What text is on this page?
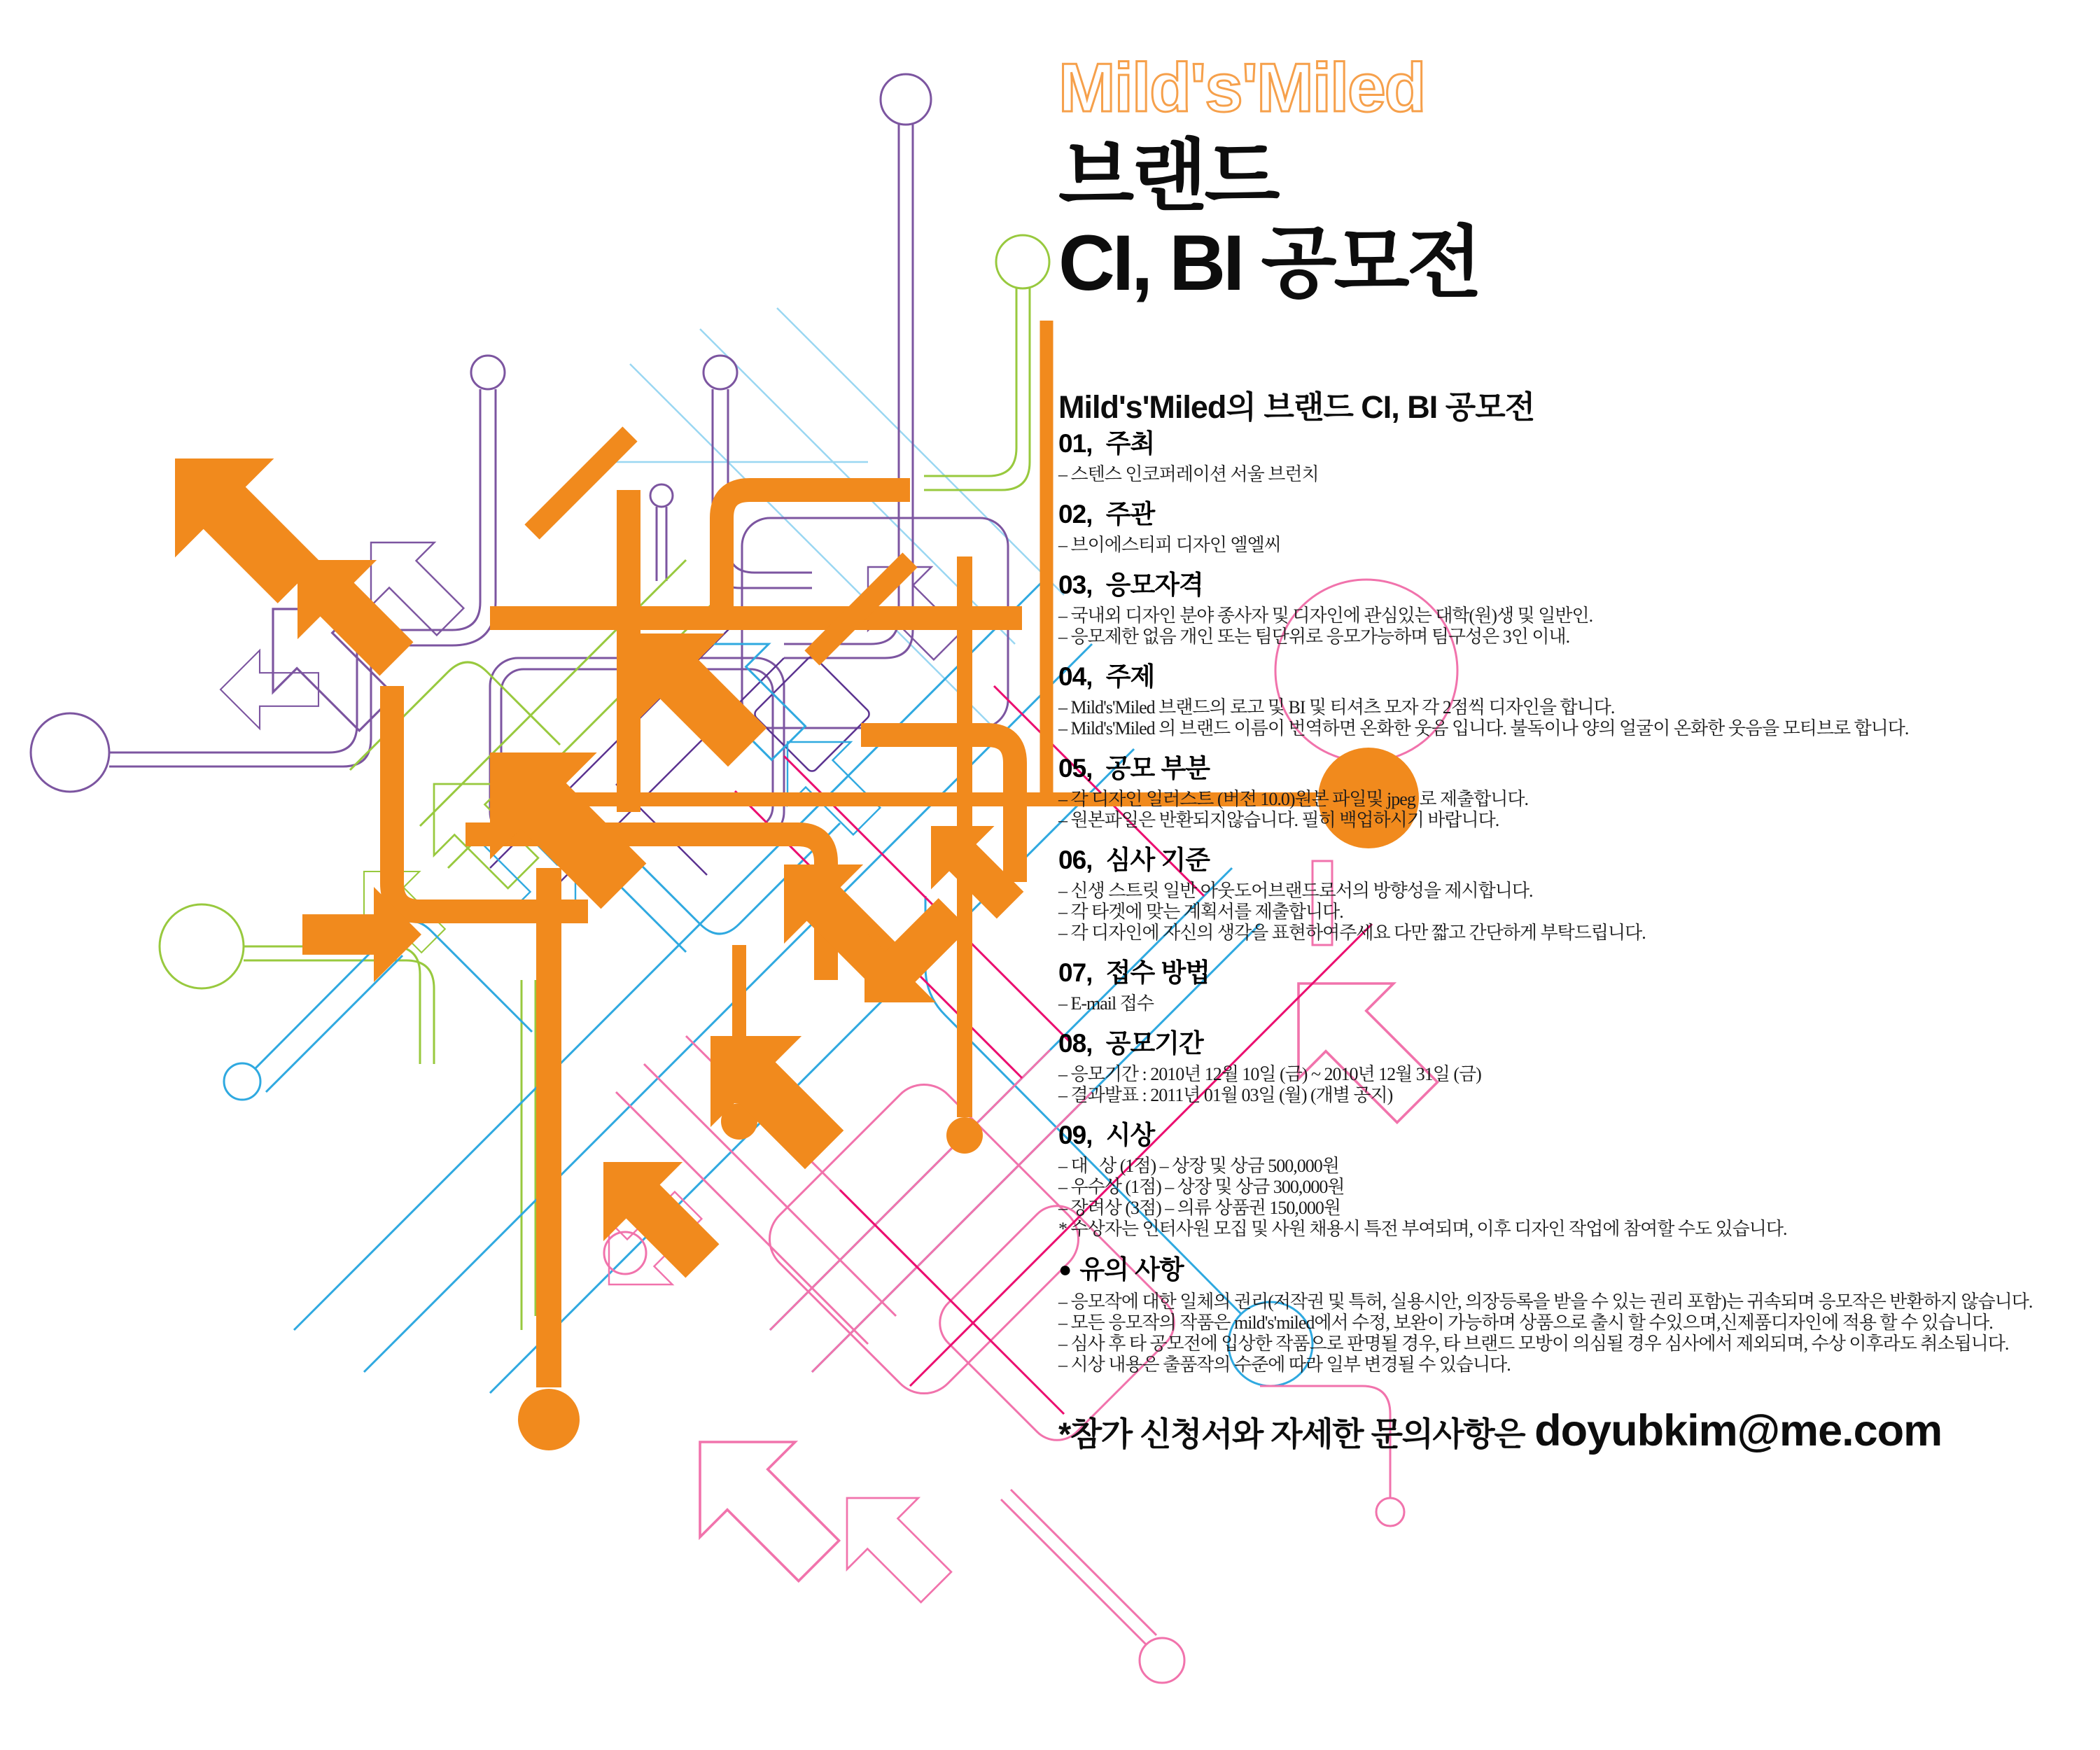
Mild's'Miled
브랜드
CI, BI 공모전
Mild's'Miled의 브랜드 CI, BI 공모전
01, 주최

– 스텐스 인코퍼레이션 서울 브런치

02, 주관

– 브이에스티피 디자인 엘엘씨

03, 응모자격

– 국내외 디자인 분야 종사자 및 디자인에 관심있는 대학(원)생 및 일반인.

– 응모제한 없음 개인 또는 팀단위로 응모가능하며 팀구성은 3인 이내.

04, 주제

– Mild's'Miled 브랜드의 로고 및 BI 및 티셔츠 모자 각 2점씩 디자인을 합니다.

– Mild's'Miled 의 브랜드 이름이 번역하면 온화한 웃음 입니다. 불독이나 양의 얼굴이 온화한 웃음을 모티브로 합니다.

05, 공모 부분

– 각 디자인 일러스트 (버전 10.0)원본 파일및 jpeg 로 제출합니다.

– 원본파일은 반환되지않습니다. 필히 백업하시기 바랍니다.

06, 심사 기준

– 신생 스트릿 일반 아웃도어브랜드로서의 방향성을 제시합니다.

– 각 타겟에 맞는 계획서를 제출합니다.

– 각 디자인에 자신의 생각을 표현하여주세요 다만 짧고 간단하게 부탁드립니다.

07, 접수 방법

– E-mail 접수

08, 공모기간

– 응모기간 : 2010년 12월 10일 (금) ~ 2010년 12월 31일 (금)

– 결과발표 : 2011년 01월 03일 (월) (개별 공지)

09, 시상

– 대   상 (1점) – 상장 및 상금 500,000원

– 우수상 (1점) – 상장 및 상금 300,000원

– 장려상 (3점) – 의류 상품권 150,000원

* 수상자는 인터사원 모집 및 사원 채용시 특전 부여되며, 이후 디자인 작업에 참여할 수도 있습니다.

● 유의 사항

– 응모작에 대한 일체의 권리(저작권 및 특허, 실용시안, 의장등록을 받을 수 있는 권리 포함)는 귀속되며 응모작은 반환하지 않습니다.

– 모든 응모작의 작품은 mild's'miled에서 수정, 보완이 가능하며 상품으로 출시 할 수있으며,신제품디자인에 적용 할 수 있습니다.

– 심사 후 타 공모전에 입상한 작품으로 판명될 경우, 타 브랜드 모방이 의심될 경우 심사에서 제외되며, 수상 이후라도 취소됩니다.

– 시상 내용은 출품작의 수준에 따라 일부 변경될 수 있습니다.

*참가 신청서와 자세한 문의사항은 doyubkim@me.com
